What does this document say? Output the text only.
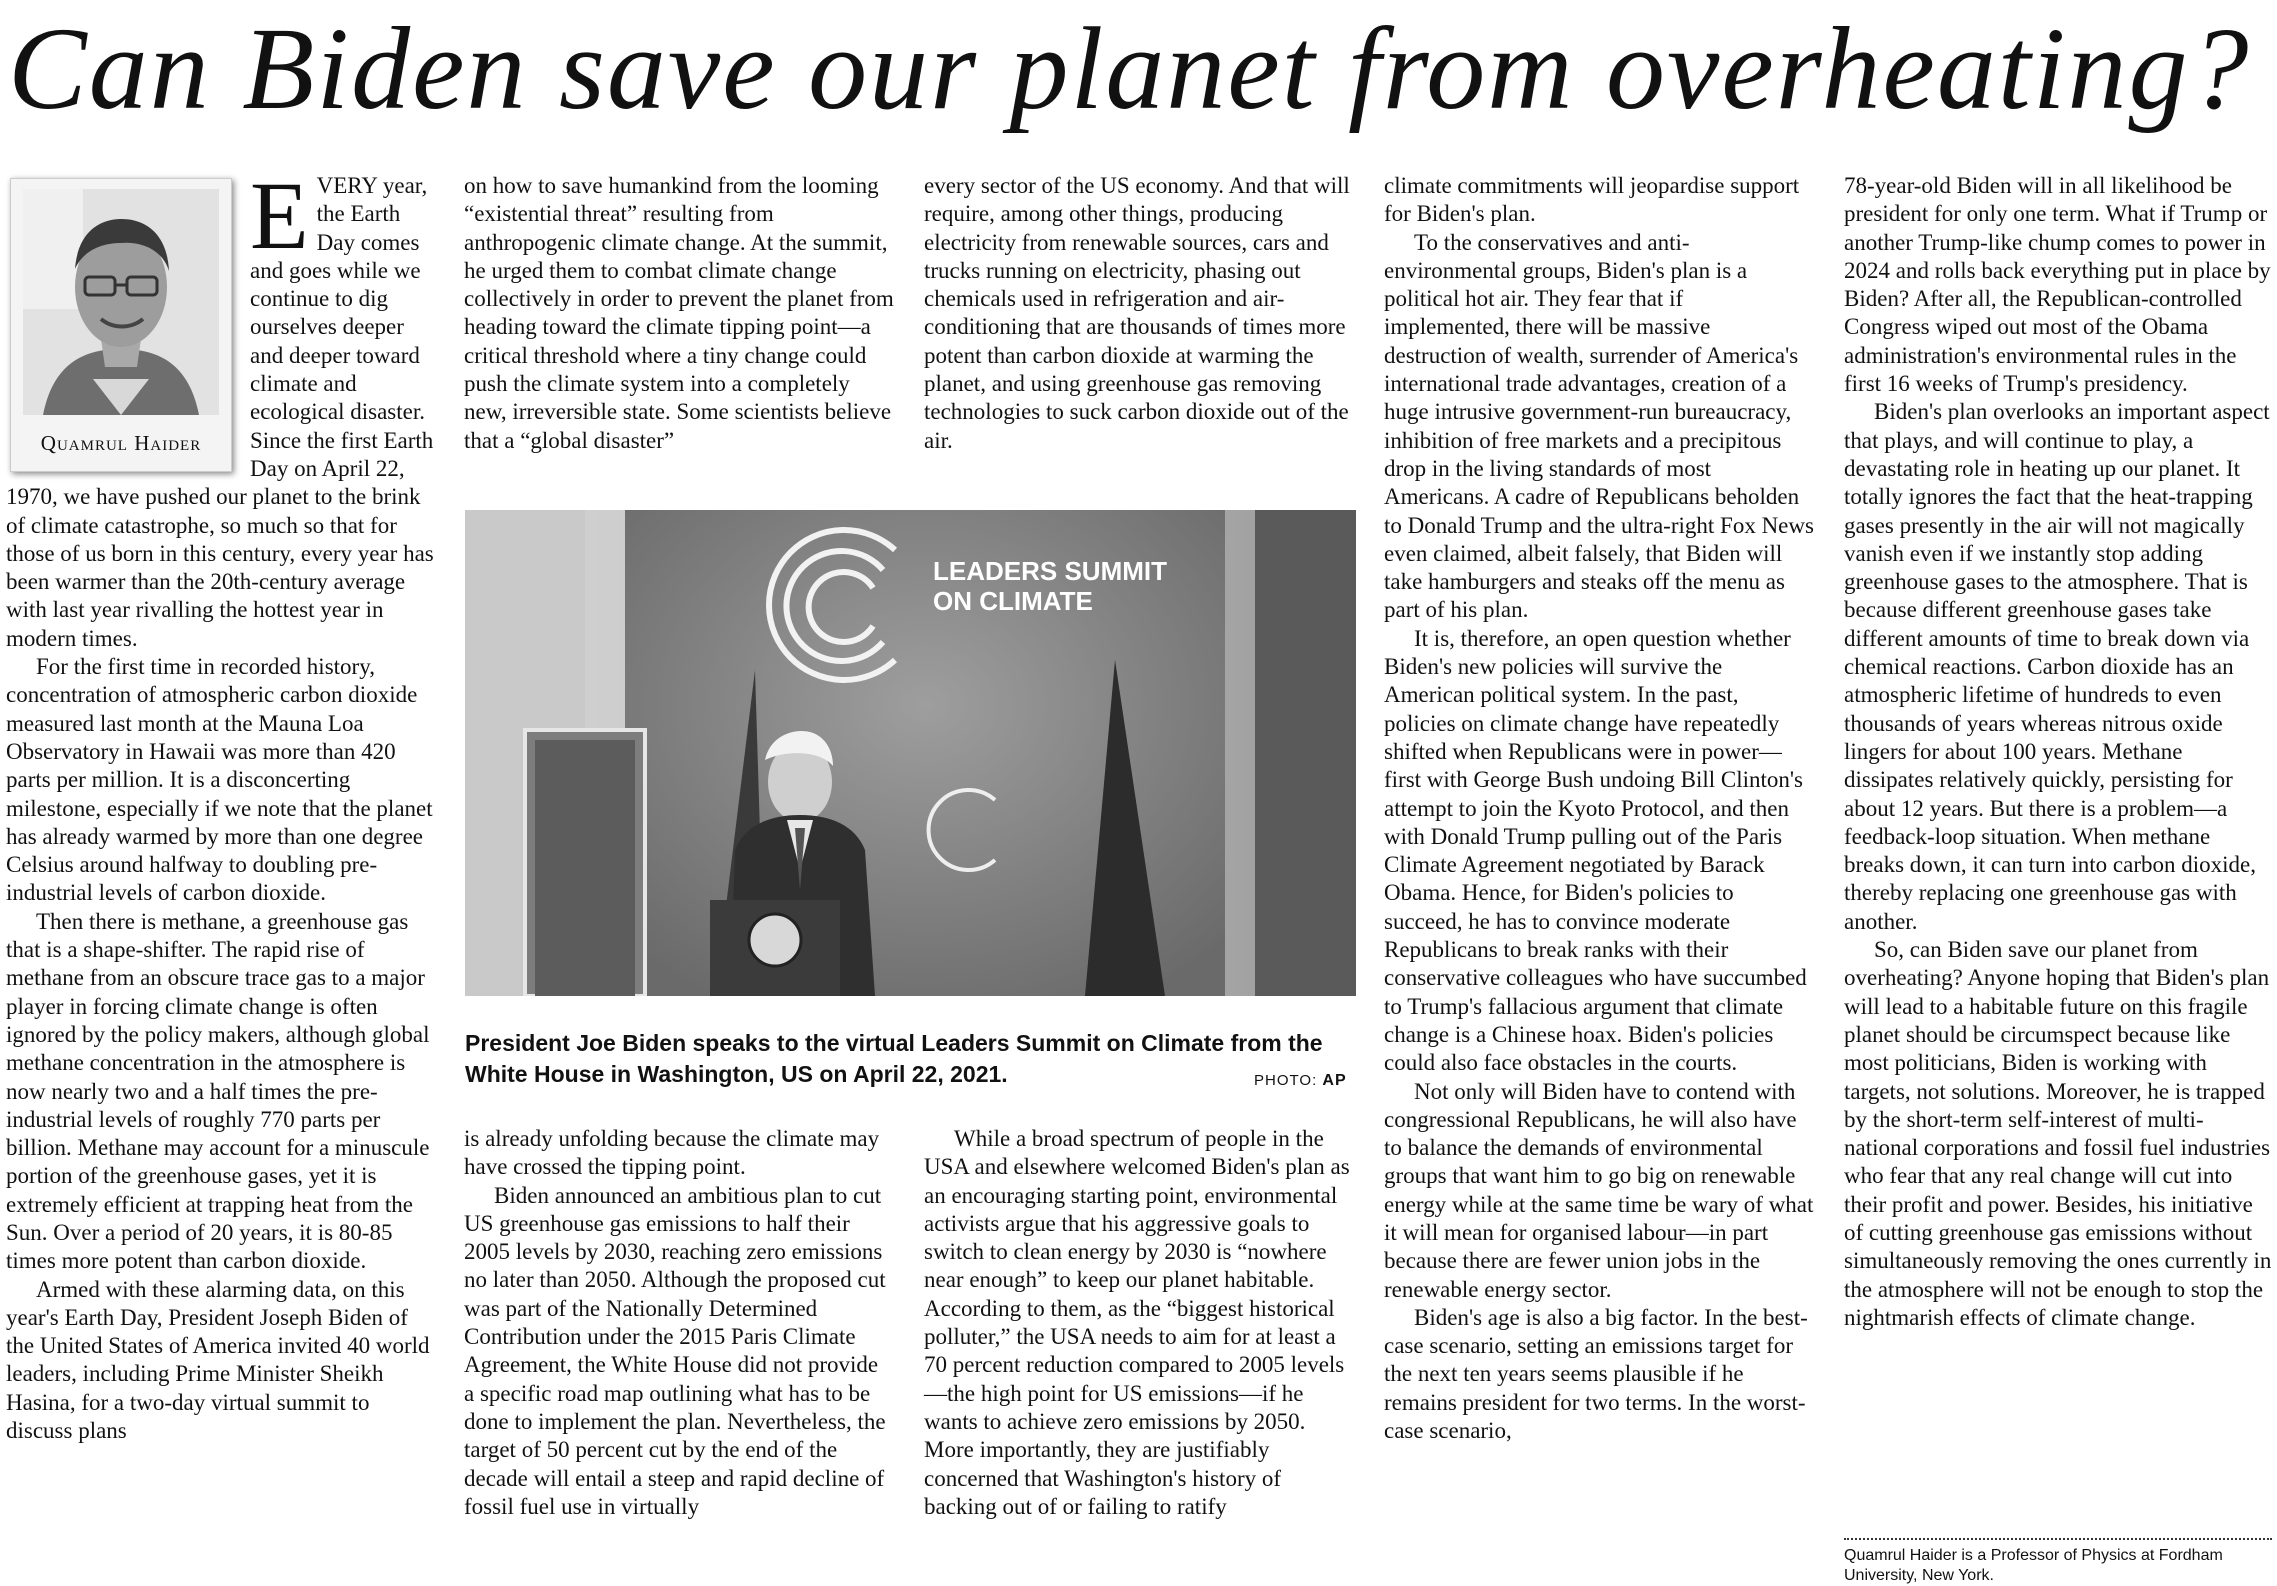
Can Biden save our planet from overheating?
Quamrul Haider

EVERY year, the Earth Day comes and goes while we continue to dig ourselves deeper and deeper toward climate and ecological disaster. Since the first Earth Day on April 22, 1970, we have pushed our planet to the brink of climate catastrophe, so much so that for those of us born in this century, every year has been warmer than the 20th-century average with last year rivalling the hottest year in modern times.

For the first time in recorded history, concentration of atmospheric carbon dioxide measured last month at the Mauna Loa Observatory in Hawaii was more than 420 parts per million. It is a disconcerting milestone, especially if we note that the planet has already warmed by more than one degree Celsius around halfway to doubling pre-industrial levels of carbon dioxide.

Then there is methane, a greenhouse gas that is a shape-shifter. The rapid rise of methane from an obscure trace gas to a major player in forcing climate change is often ignored by the policy makers, although global methane concentration in the atmosphere is now nearly two and a half times the pre-industrial levels of roughly 770 parts per billion. Methane may account for a minuscule portion of the greenhouse gases, yet it is extremely efficient at trapping heat from the Sun. Over a period of 20 years, it is 80-85 times more potent than carbon dioxide.

Armed with these alarming data, on this year's Earth Day, President Joseph Biden of the United States of America invited 40 world leaders, including Prime Minister Sheikh Hasina, for a two-day virtual summit to discuss plans

on how to save humankind from the looming “existential threat” resulting from anthropogenic climate change. At the summit, he urged them to combat climate change collectively in order to prevent the planet from heading toward the climate tipping point—a critical threshold where a tiny change could push the climate system into a completely new, irreversible state. Some scientists believe that a “global disaster”

every sector of the US economy. And that will require, among other things, producing electricity from renewable sources, cars and trucks running on electricity, phasing out chemicals used in refrigeration and air-conditioning that are thousands of times more potent than carbon dioxide at warming the planet, and using greenhouse gas removing technologies to suck carbon dioxide out of the air.

LEADERS SUMMIT
ON CLIMATE
President Joe Biden speaks to the virtual Leaders Summit on Climate from the White House in Washington, US on April 22, 2021.	PHOTO: AP

is already unfolding because the climate may have crossed the tipping point.

Biden announced an ambitious plan to cut US greenhouse gas emissions to half their 2005 levels by 2030, reaching zero emissions no later than 2050. Although the proposed cut was part of the Nationally Determined Contribution under the 2015 Paris Climate Agreement, the White House did not provide a specific road map outlining what has to be done to implement the plan. Nevertheless, the target of 50 percent cut by the end of the decade will entail a steep and rapid decline of fossil fuel use in virtually

While a broad spectrum of people in the USA and elsewhere welcomed Biden's plan as an encouraging starting point, environmental activists argue that his aggressive goals to switch to clean energy by 2030 is “nowhere near enough” to keep our planet habitable. According to them, as the “biggest historical polluter,” the USA needs to aim for at least a 70 percent reduction compared to 2005 levels—the high point for US emissions—if he wants to achieve zero emissions by 2050. More importantly, they are justifiably concerned that Washington's history of backing out of or failing to ratify

climate commitments will jeopardise support for Biden's plan.

To the conservatives and anti-environmental groups, Biden's plan is a political hot air. They fear that if implemented, there will be massive destruction of wealth, surrender of America's international trade advantages, creation of a huge intrusive government-run bureaucracy, inhibition of free markets and a precipitous drop in the living standards of most Americans. A cadre of Republicans beholden to Donald Trump and the ultra-right Fox News even claimed, albeit falsely, that Biden will take hamburgers and steaks off the menu as part of his plan.

It is, therefore, an open question whether Biden's new policies will survive the American political system. In the past, policies on climate change have repeatedly shifted when Republicans were in power—first with George Bush undoing Bill Clinton's attempt to join the Kyoto Protocol, and then with Donald Trump pulling out of the Paris Climate Agreement negotiated by Barack Obama. Hence, for Biden's policies to succeed, he has to convince moderate Republicans to break ranks with their conservative colleagues who have succumbed to Trump's fallacious argument that climate change is a Chinese hoax. Biden's policies could also face obstacles in the courts.

Not only will Biden have to contend with congressional Republicans, he will also have to balance the demands of environmental groups that want him to go big on renewable energy while at the same time be wary of what it will mean for organised labour—in part because there are fewer union jobs in the renewable energy sector.

Biden's age is also a big factor. In the best-case scenario, setting an emissions target for the next ten years seems plausible if he remains president for two terms. In the worst-case scenario,

78-year-old Biden will in all likelihood be president for only one term. What if Trump or another Trump-like chump comes to power in 2024 and rolls back everything put in place by Biden? After all, the Republican-controlled Congress wiped out most of the Obama administration's environmental rules in the first 16 weeks of Trump's presidency.

Biden's plan overlooks an important aspect that plays, and will continue to play, a devastating role in heating up our planet. It totally ignores the fact that the heat-trapping gases presently in the air will not magically vanish even if we instantly stop adding greenhouse gases to the atmosphere. That is because different greenhouse gases take different amounts of time to break down via chemical reactions. Carbon dioxide has an atmospheric lifetime of hundreds to even thousands of years whereas nitrous oxide lingers for about 100 years. Methane dissipates relatively quickly, persisting for about 12 years. But there is a problem—a feedback-loop situation. When methane breaks down, it can turn into carbon dioxide, thereby replacing one greenhouse gas with another.

So, can Biden save our planet from overheating? Anyone hoping that Biden's plan will lead to a habitable future on this fragile planet should be circumspect because like most politicians, Biden is working with targets, not solutions. Moreover, he is trapped by the short-term self-interest of multi-national corporations and fossil fuel industries who fear that any real change will cut into their profit and power. Besides, his initiative of cutting greenhouse gas emissions without simultaneously removing the ones currently in the atmosphere will not be enough to stop the nightmarish effects of climate change.

Quamrul Haider is a Professor of Physics at Fordham University, New York.
